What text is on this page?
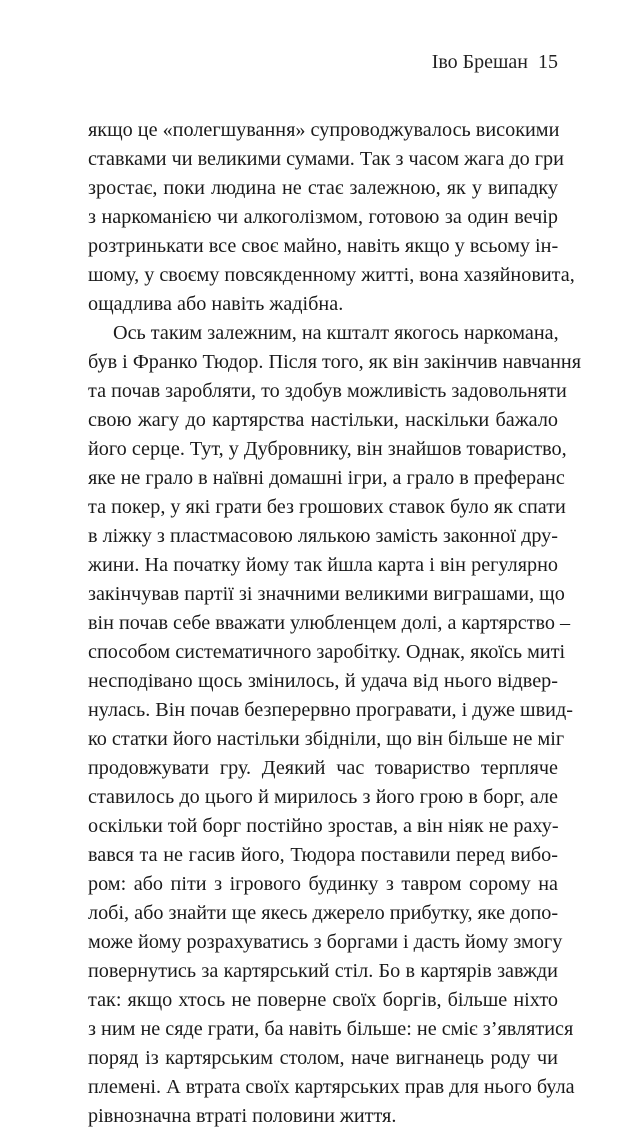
Іво Брешан 15
якщо це «полегшування» супроводжувалось високими
ставками чи великими сумами. Так з часом жага до гри
зростає, поки людина не стає залежною, як у випадку
з наркоманією чи алкоголізмом, готовою за один вечір
розтринькати все своє майно, навіть якщо у всьому ін-
шому, у своєму повсякденному житті, вона хазяйновита,
ощадлива або навіть жадібна.
Ось таким залежним, на кшталт якогось наркомана,
був і Франко Тюдор. Після того, як він закінчив навчання
та почав заробляти, то здобув можливість задовольняти
свою жагу до картярства настільки, наскільки бажало
його серце. Тут, у Дубровнику, він знайшов товариство,
яке не грало в наївні домашні ігри, а грало в преферанс
та покер, у які грати без грошових ставок було як спати
в ліжку з пластмасовою лялькою замість законної дру-
жини. На початку йому так йшла карта і він регулярно
закінчував партії зі значними великими виграшами, що
він почав себе вважати улюбленцем долі, а картярство –
способом систематичного заробітку. Однак, якоїсь миті
несподівано щось змінилось, й удача від нього відвер-
нулась. Він почав безперервно програвати, і дуже швид-
ко статки його настільки збідніли, що він більше не міг
продовжувати гру. Деякий час товариство терпляче
ставилось до цього й мирилось з його грою в борг, але
оскільки той борг постійно зростав, а він ніяк не раху-
вався та не гасив його, Тюдора поставили перед вибо-
ром: або піти з ігрового будинку з тавром сорому на
лобі, або знайти ще якесь джерело прибутку, яке допо-
може йому розрахуватись з боргами і дасть йому змогу
повернутись за картярський стіл. Бо в картярів завжди
так: якщо хтось не поверне своїх боргів, більше ніхто
з ним не сяде грати, ба навіть більше: не сміє з’являтися
поряд із картярським столом, наче вигнанець роду чи
племені. А втрата своїх картярських прав для нього була
рівнозначна втраті половини життя.
